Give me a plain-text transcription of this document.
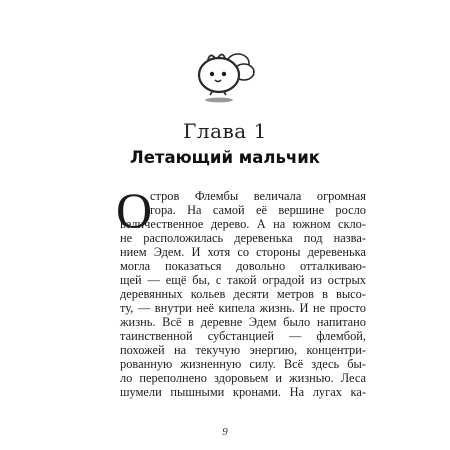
Глава 1
Летающий мальчик
О
стров Флембы величала огромная
гора. На самой её вершине росло
величественное дерево. А на южном скло-
не расположилась деревенька под назва-
нием Эдем. И хотя со стороны деревенька
могла показаться довольно отталкиваю-
щей — ещё бы, с такой оградой из острых
деревянных кольев десяти метров в высо-
ту, — внутри неё кипела жизнь. И не просто
жизнь. Всё в деревне Эдем было напитано
таинственной субстанцией — флембой,
похожей на текучую энергию, концентри-
рованную жизненную силу. Всё здесь бы-
ло переполнено здоровьем и жизнью. Леса
шумели пышными кронами. На лугах ка-
9
